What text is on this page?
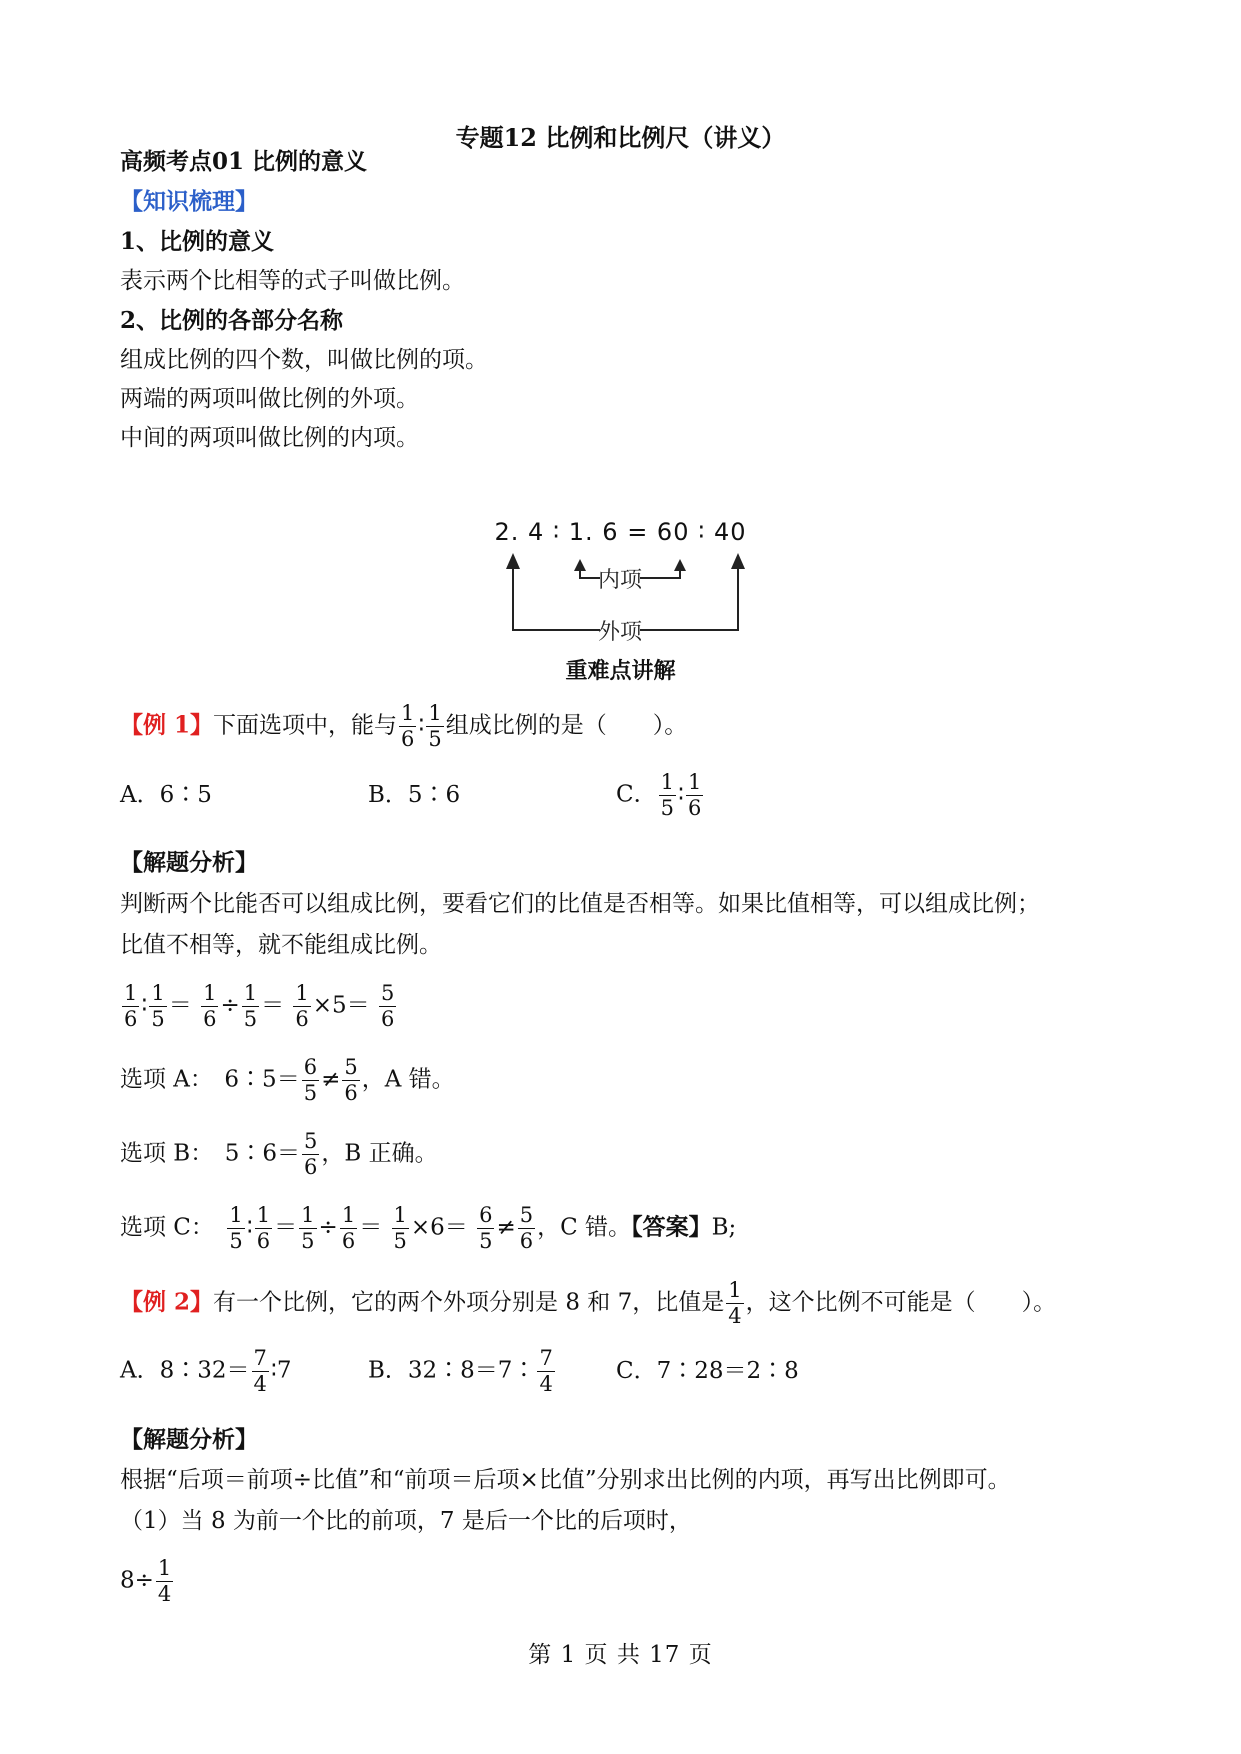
专题12 比例和比例尺（讲义）
高频考点01 比例的意义
【知识梳理】
1、比例的意义
表示两个比相等的式子叫做比例。
2、比例的各部分名称
组成比例的四个数，叫做比例的项。
两端的两项叫做比例的外项。
中间的两项叫做比例的内项。
2. 4 ∶ 1. 6 = 60 ∶ 40
内项
外项
重难点讲解
【例 1】下面选项中，能与 $\frac{1}{6}$ ∶ $\frac{1}{5}$ 组成比例的是（　　）。
A．6∶5	B．5∶6	C． $\frac{1}{5}$ ∶ $\frac{1}{6}$
【解题分析】
判断两个比能否可以组成比例，要看它们的比值是否相等。如果比值相等，可以组成比例；
比值不相等，就不能组成比例。
$\frac{1}{6}$ ∶ $\frac{1}{5} = \frac{1}{6} \div \frac{1}{5} = \frac{1}{6} \times 5= \frac{5}{6}$
选项 A：　6∶5＝ $\frac{6}{5} \ne \frac{5}{6}$ ，A 错。
选项 B：　5∶6＝ $\frac{5}{6}$ ，B 正确。
选项 C：　 $\frac{1}{5}$ ∶ $\frac{1}{6} = \frac{1}{5} \div \frac{1}{6} = \frac{1}{5} \times 6= \frac{6}{5} \ne \frac{5}{6}$ ，C 错。【答案】B;
【例 2】有一个比例，它的两个外项分别是 8 和 7，比值是 $\frac{1}{4}$ ，这个比例不可能是（　　）。
A．8∶32＝ $\frac{7}{4}$ ∶7	B．32∶8＝7∶ $\frac{7}{4}$	C．7∶28＝2∶8
【解题分析】
根据“后项＝前项÷比值”和“前项＝后项×比值”分别求出比例的内项，再写出比例即可。
（1）当 8 为前一个比的前项，7 是后一个比的后项时，
$8\div \frac{1}{4}$
第 1 页 共 17 页
